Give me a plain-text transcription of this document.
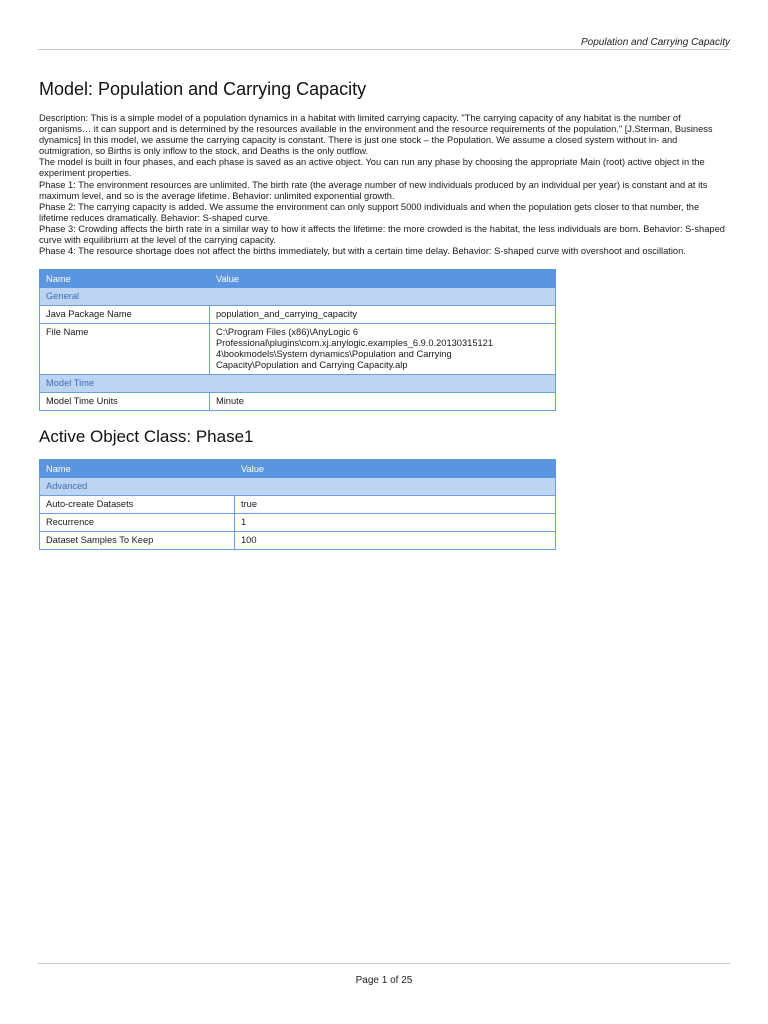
Population and Carrying Capacity
Model: Population and Carrying Capacity

Description: This is a simple model of a population dynamics in a habitat with limited carrying capacity. "The carrying capacity of any habitat is the number of organisms… it can support and is determined by the resources available in the environment and the resource requirements of the population." [J.Sterman, Business dynamics] In this model, we assume the carrying capacity is constant. There is just one stock – the Population. We assume a closed system without in- and outmigration, so Births is only inflow to the stock, and Deaths is the only outflow.

The model is built in four phases, and each phase is saved as an active object. You can run any phase by choosing the appropriate Main (root) active object in the experiment properties.

Phase 1: The environment resources are unlimited. The birth rate (the average number of new individuals produced by an individual per year) is constant and at its maximum level, and so is the average lifetime. Behavior: unlimited exponential growth.

Phase 2: The carrying capacity is added. We assume the environment can only support 5000 individuals and when the population gets closer to that number, the lifetime reduces dramatically. Behavior: S-shaped curve.

Phase 3: Crowding affects the birth rate in a similar way to how it affects the lifetime: the more crowded is the habitat, the less individuals are born. Behavior: S-shaped curve with equilibrium at the level of the carrying capacity.

Phase 4: The resource shortage does not affect the births immediately, but with a certain time delay. Behavior: S-shaped curve with overshoot and oscillation.

Name	Value
General	
Java Package Name	population_and_carrying_capacity
File Name	C:\Program Files (x86)\AnyLogic 6 Professional\plugins\com.xj.anylogic.examples_6.9.0.20130315121 4\bookmodels\System dynamics\Population and Carrying Capacity\Population and Carrying Capacity.alp
Model Time	
Model Time Units	Minute
Active Object Class: Phase1
Name	Value
Advanced	
Auto-create Datasets	true
Recurrence	1
Dataset Samples To Keep	100
Page 1 of 25
